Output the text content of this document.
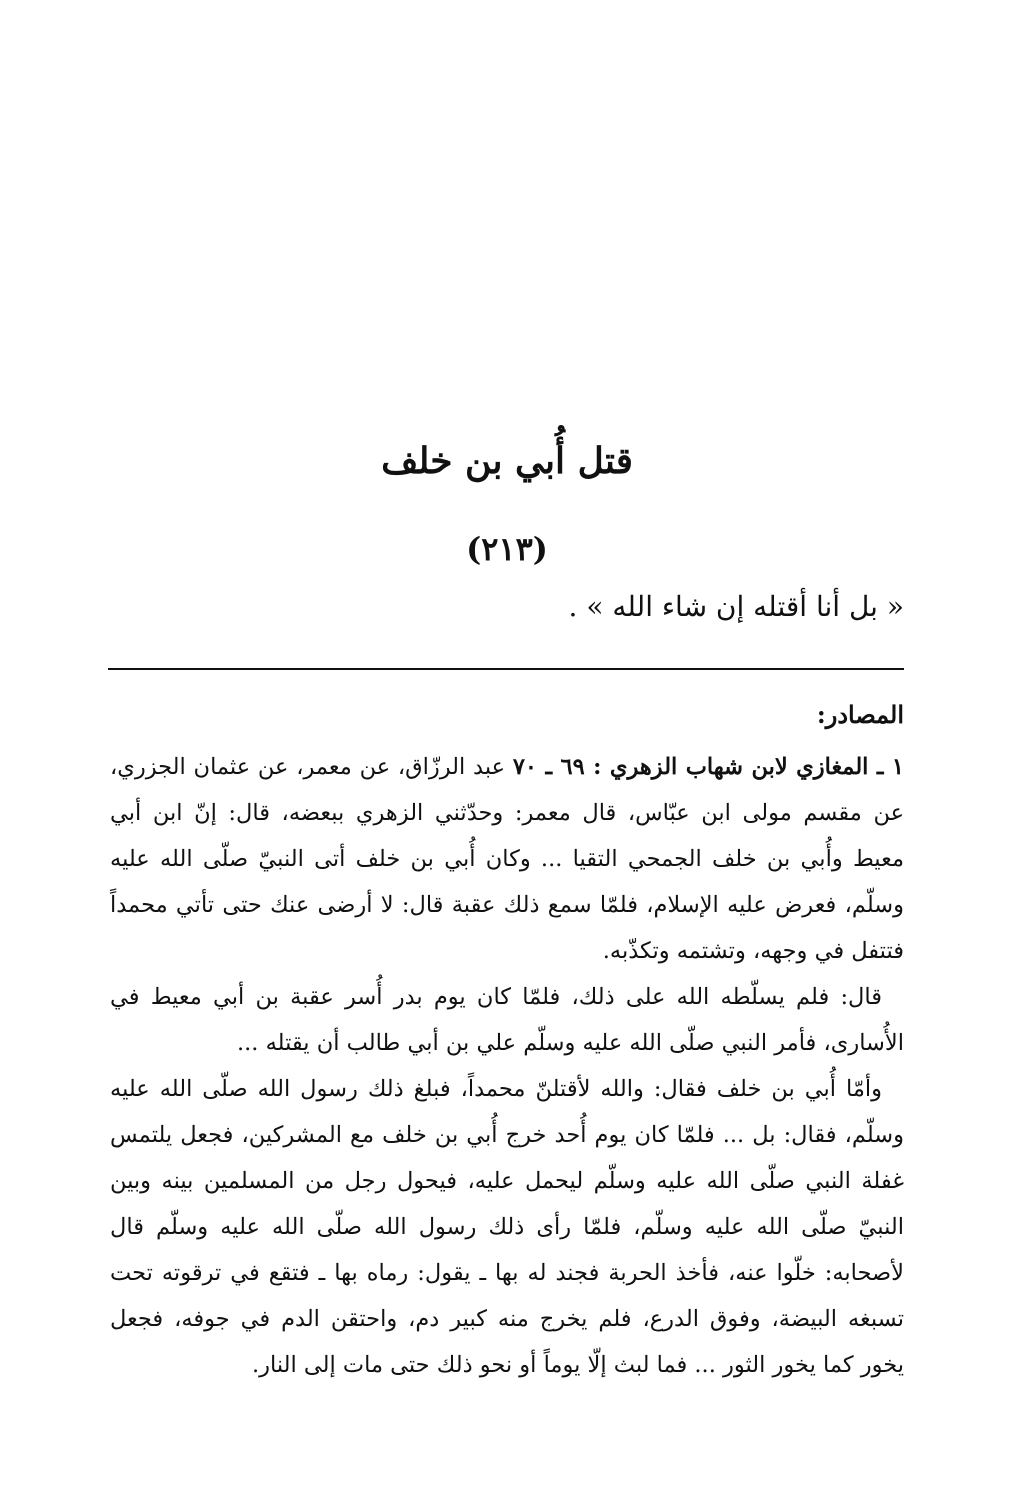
قتل أُبي بن خلف
(٢١٣)
« بل أنا أقتله إن شاء الله » .
المصادر:

١ ـ المغازي لابن شهاب الزهري : ٦٩ ـ ٧٠ عبد الرزّاق، عن معمر، عن عثمان الجزري، عن مقسم مولى ابن عبّاس، قال معمر: وحدّثني الزهري ببعضه، قال: إنّ ابن أبي معيط وأُبي بن خلف الجمحي التقيا ... وكان أُبي بن خلف أتى النبيّ صلّى الله عليه وسلّم، فعرض عليه الإسلام، فلمّا سمع ذلك عقبة قال: لا أرضى عنك حتى تأتي محمداً فتتفل في وجهه، وتشتمه وتكذّبه.

قال: فلم يسلّطه الله على ذلك، فلمّا كان يوم بدر أُسر عقبة بن أبي معيط في الأُسارى، فأمر النبي صلّى الله عليه وسلّم علي بن أبي طالب أن يقتله ...

وأمّا أُبي بن خلف فقال: والله لأقتلنّ محمداً، فبلغ ذلك رسول الله صلّى الله عليه وسلّم، فقال: بل ... فلمّا كان يوم أُحد خرج أُبي بن خلف مع المشركين، فجعل يلتمس غفلة النبي صلّى الله عليه وسلّم ليحمل عليه، فيحول رجل من المسلمين بينه وبين النبيّ صلّى الله عليه وسلّم، فلمّا رأى ذلك رسول الله صلّى الله عليه وسلّم قال لأصحابه: خلّوا عنه، فأخذ الحربة فجند له بها ـ يقول: رماه بها ـ فتقع في ترقوته تحت تسبغه البيضة، وفوق الدرع، فلم يخرج منه كبير دم، واحتقن الدم في جوفه، فجعل يخور كما يخور الثور ... فما لبث إلّا يوماً أو نحو ذلك حتى مات إلى النار.
